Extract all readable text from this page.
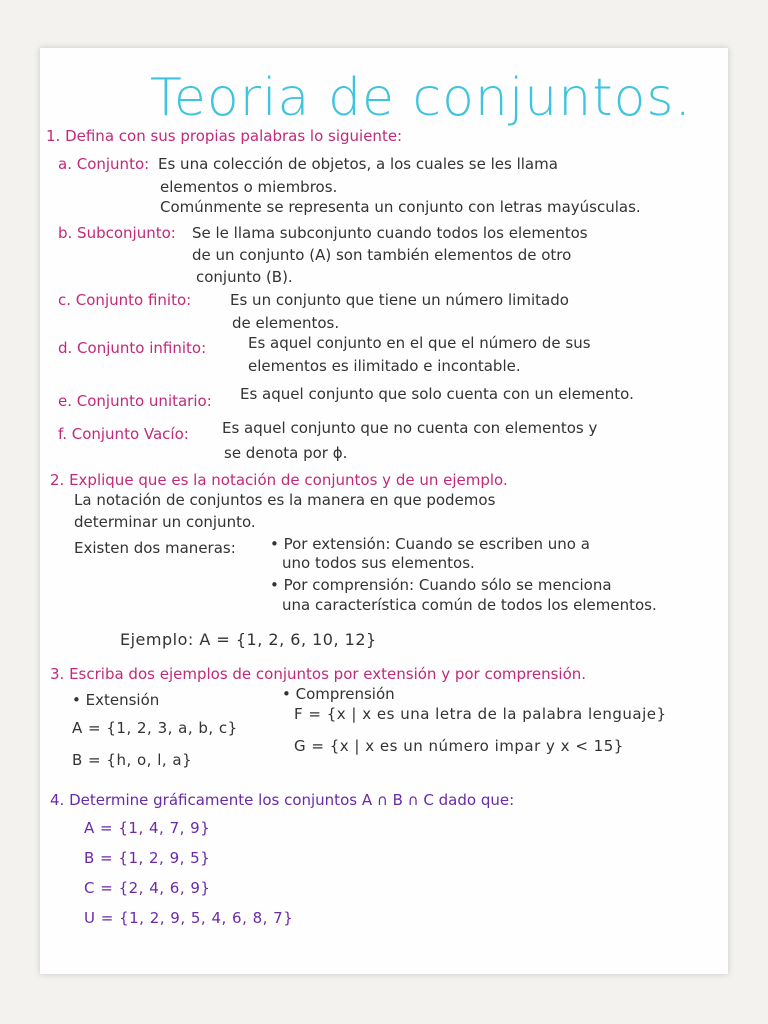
Teoria de conjuntos.
1. Defina con sus propias palabras lo siguiente:
a. Conjunto: Es una colección de objetos, a los cuales se les llama
elementos o miembros.
Comúnmente se representa un conjunto con letras mayúsculas.
b. Subconjunto: Se le llama subconjunto cuando todos los elementos
de un conjunto (A) son también elementos de otro
conjunto (B).
c. Conjunto finito:	Es un conjunto que tiene un número limitado
de elementos.
d. Conjunto infinito:	Es aquel conjunto en el que el número de sus
elementos es ilimitado e incontable.
e. Conjunto unitario: Es aquel conjunto que solo cuenta con un elemento.
f. Conjunto Vacío: Es aquel conjunto que no cuenta con elementos y
se denota por ϕ.
2. Explique que es la notación de conjuntos y de un ejemplo.
La notación de conjuntos es la manera en que podemos
determinar un conjunto.
Existen dos maneras: • Por extensión: Cuando se escriben uno a
uno todos sus elementos.
• Por comprensión: Cuando sólo se menciona
una característica común de todos los elementos.
Ejemplo: A = {1, 2, 6, 10, 12}
3. Escriba dos ejemplos de conjuntos por extensión y por comprensión.
• Extensión
A = {1, 2, 3, a, b, c}
B = {h, o, l, a}
• Comprensión
F = {x | x es una letra de la palabra lenguaje}
G = {x | x es un número impar y x < 15}
4. Determine gráficamente los conjuntos A ∩ B ∩ C dado que:
A = {1, 4, 7, 9}
B = {1, 2, 9, 5}
C = {2, 4, 6, 9}
U = {1, 2, 9, 5, 4, 6, 8, 7}
